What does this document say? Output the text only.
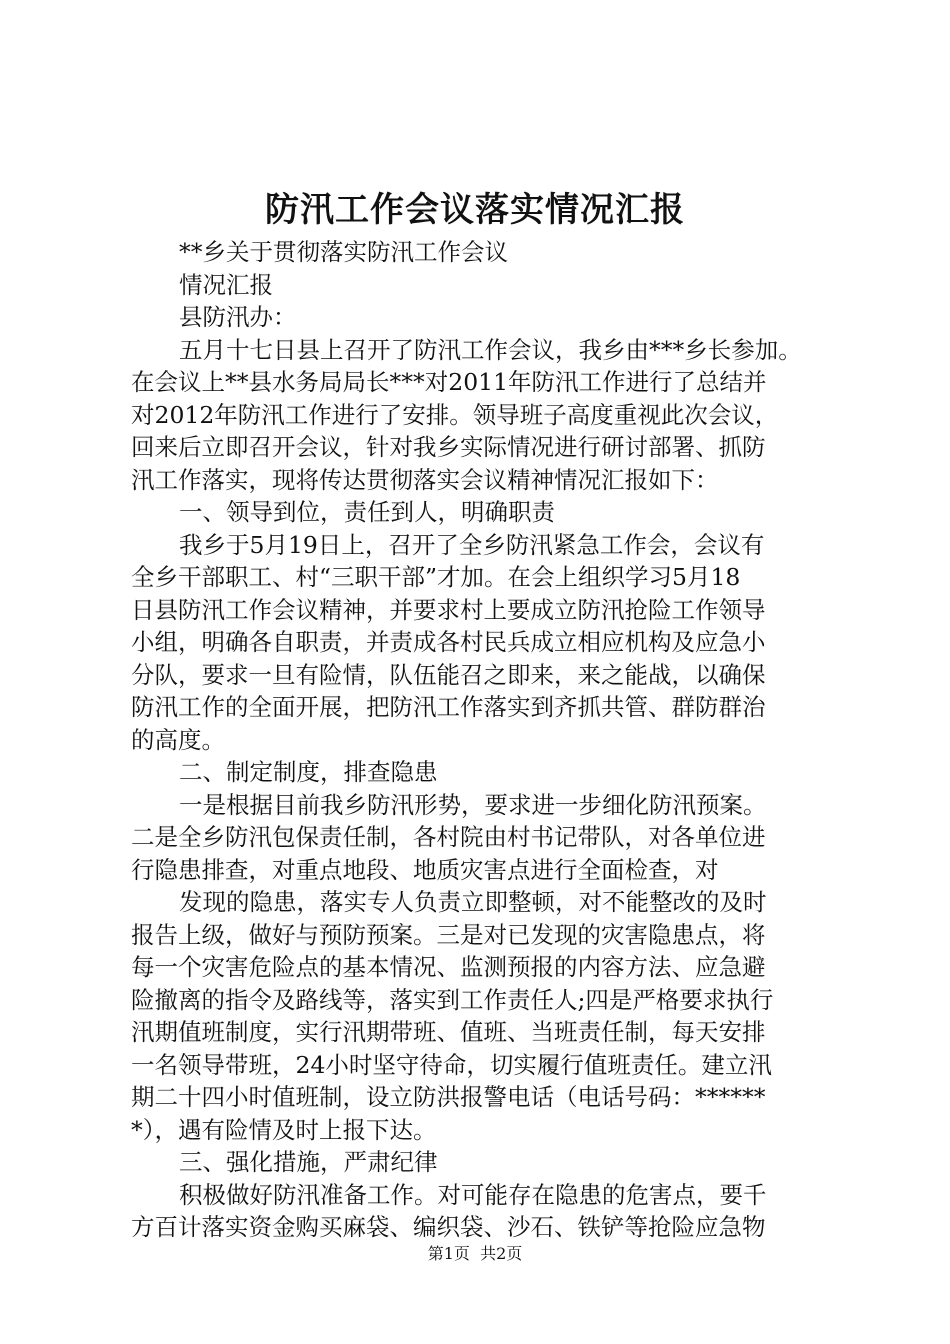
防汛工作会议落实情况汇报
**乡关于贯彻落实防汛工作会议
情况汇报
县防汛办：
五月十七日县上召开了防汛工作会议，我乡由***乡长参加。
在会议上**县水务局局长***对2011年防汛工作进行了总结并
对2012年防汛工作进行了安排。领导班子高度重视此次会议，
回来后立即召开会议，针对我乡实际情况进行研讨部署、抓防
汛工作落实，现将传达贯彻落实会议精神情况汇报如下：
一、领导到位，责任到人，明确职责
我乡于5月19日上，召开了全乡防汛紧急工作会，会议有
全乡干部职工、村“三职干部”才加。在会上组织学习5月18
日县防汛工作会议精神，并要求村上要成立防汛抢险工作领导
小组，明确各自职责，并责成各村民兵成立相应机构及应急小
分队，要求一旦有险情，队伍能召之即来，来之能战，以确保
防汛工作的全面开展，把防汛工作落实到齐抓共管、群防群治
的高度。
二、制定制度，排查隐患
一是根据目前我乡防汛形势，要求进一步细化防汛预案。
二是全乡防汛包保责任制，各村院由村书记带队，对各单位进
行隐患排查，对重点地段、地质灾害点进行全面检查，对
发现的隐患，落实专人负责立即整顿，对不能整改的及时
报告上级，做好与预防预案。三是对已发现的灾害隐患点，将
每一个灾害危险点的基本情况、监测预报的内容方法、应急避
险撤离的指令及路线等，落实到工作责任人;四是严格要求执行
汛期值班制度，实行汛期带班、值班、当班责任制，每天安排
一名领导带班，24小时坚守待命，切实履行值班责任。建立汛
期二十四小时值班制，设立防洪报警电话（电话号码：******
*），遇有险情及时上报下达。
三、强化措施，严肃纪律
积极做好防汛准备工作。对可能存在隐患的危害点，要千
方百计落实资金购买麻袋、编织袋、沙石、铁铲等抢险应急物
第1页  共2页
